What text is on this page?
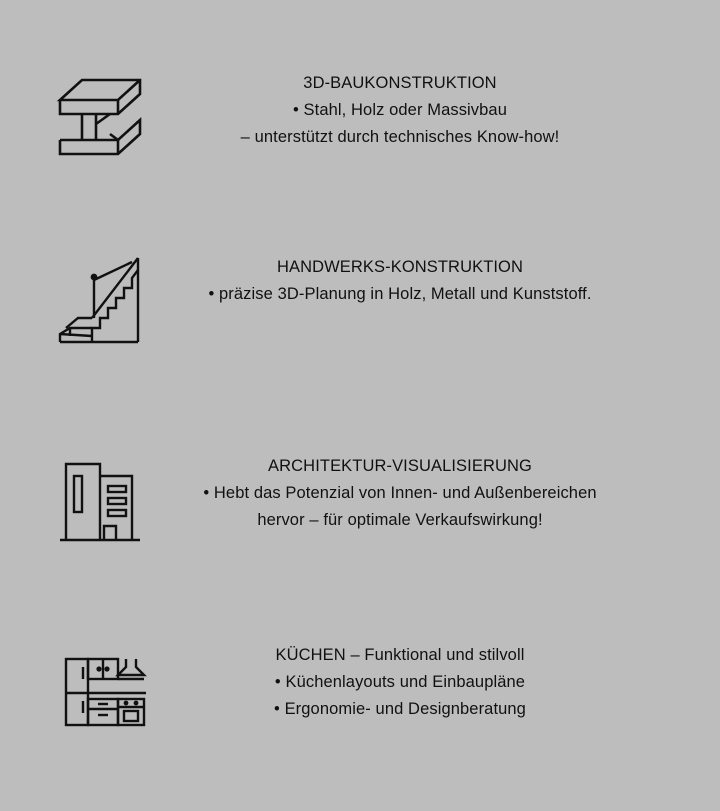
3D-BAUKONSTRUKTION
• Stahl, Holz oder Massivbau
– unterstützt durch technisches Know-how!
HANDWERKS-KONSTRUKTION
• präzise 3D-Planung in Holz, Metall und Kunststoff.
ARCHITEKTUR-VISUALISIERUNG
• Hebt das Potenzial von Innen- und Außenbereichen
hervor – für optimale Verkaufswirkung!
KÜCHEN – Funktional und stilvoll
• Küchenlayouts und Einbaupläne
• Ergonomie- und Designberatung
